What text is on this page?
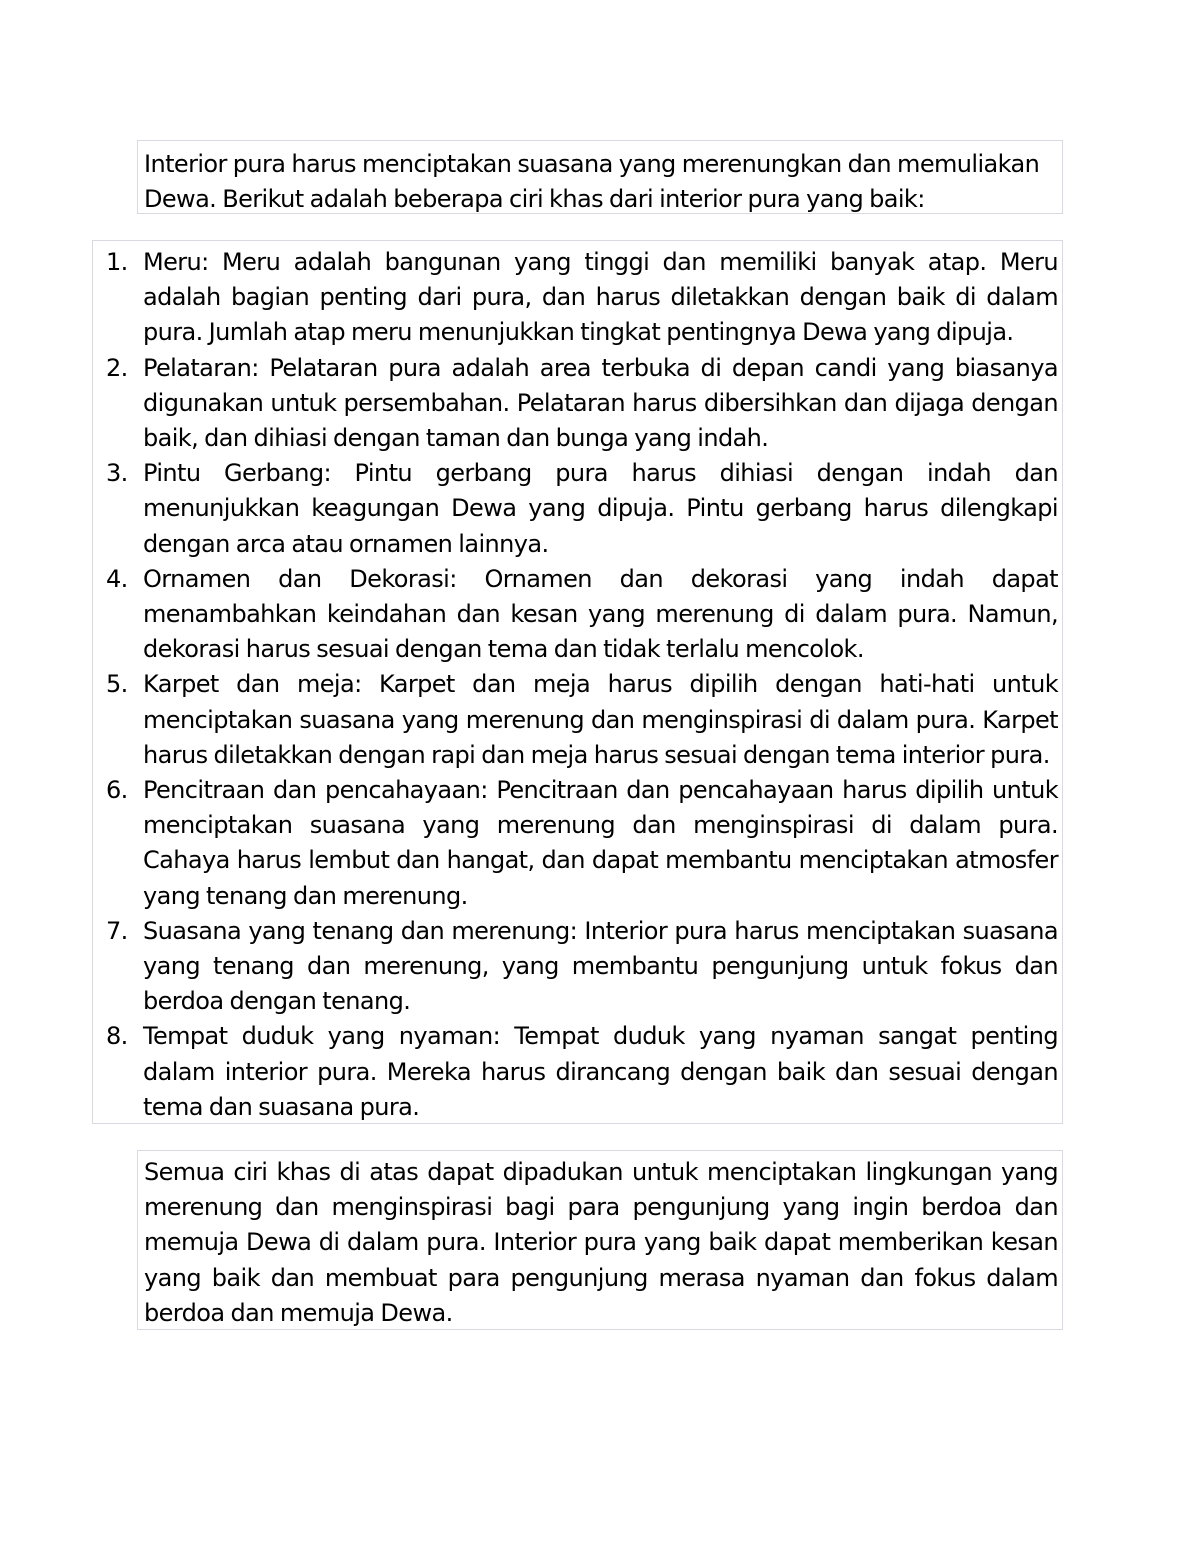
Interior pura harus menciptakan suasana yang merenungkan dan memuliakan Dewa. Berikut adalah beberapa ciri khas dari interior pura yang baik:

1. Meru: Meru adalah bangunan yang tinggi dan memiliki banyak atap. Meru adalah bagian penting dari pura, dan harus diletakkan dengan baik di dalam pura. Jumlah atap meru menunjukkan tingkat pentingnya Dewa yang dipuja.
2. Pelataran: Pelataran pura adalah area terbuka di depan candi yang biasanya digunakan untuk persembahan. Pelataran harus dibersihkan dan dijaga dengan baik, dan dihiasi dengan taman dan bunga yang indah.
3. Pintu Gerbang: Pintu gerbang pura harus dihiasi dengan indah dan menunjukkan keagungan Dewa yang dipuja. Pintu gerbang harus dilengkapi dengan arca atau ornamen lainnya.
4. Ornamen dan Dekorasi: Ornamen dan dekorasi yang indah dapat menambahkan keindahan dan kesan yang merenung di dalam pura. Namun, dekorasi harus sesuai dengan tema dan tidak terlalu mencolok.
5. Karpet dan meja: Karpet dan meja harus dipilih dengan hati-hati untuk menciptakan suasana yang merenung dan menginspirasi di dalam pura. Karpet harus diletakkan dengan rapi dan meja harus sesuai dengan tema interior pura.
6. Pencitraan dan pencahayaan: Pencitraan dan pencahayaan harus dipilih untuk menciptakan suasana yang merenung dan menginspirasi di dalam pura. Cahaya harus lembut dan hangat, dan dapat membantu menciptakan atmosfer yang tenang dan merenung.
7. Suasana yang tenang dan merenung: Interior pura harus menciptakan suasana yang tenang dan merenung, yang membantu pengunjung untuk fokus dan berdoa dengan tenang.
8. Tempat duduk yang nyaman: Tempat duduk yang nyaman sangat penting dalam interior pura. Mereka harus dirancang dengan baik dan sesuai dengan tema dan suasana pura.

Semua ciri khas di atas dapat dipadukan untuk menciptakan lingkungan yang merenung dan menginspirasi bagi para pengunjung yang ingin berdoa dan memuja Dewa di dalam pura. Interior pura yang baik dapat memberikan kesan yang baik dan membuat para pengunjung merasa nyaman dan fokus dalam berdoa dan memuja Dewa.
